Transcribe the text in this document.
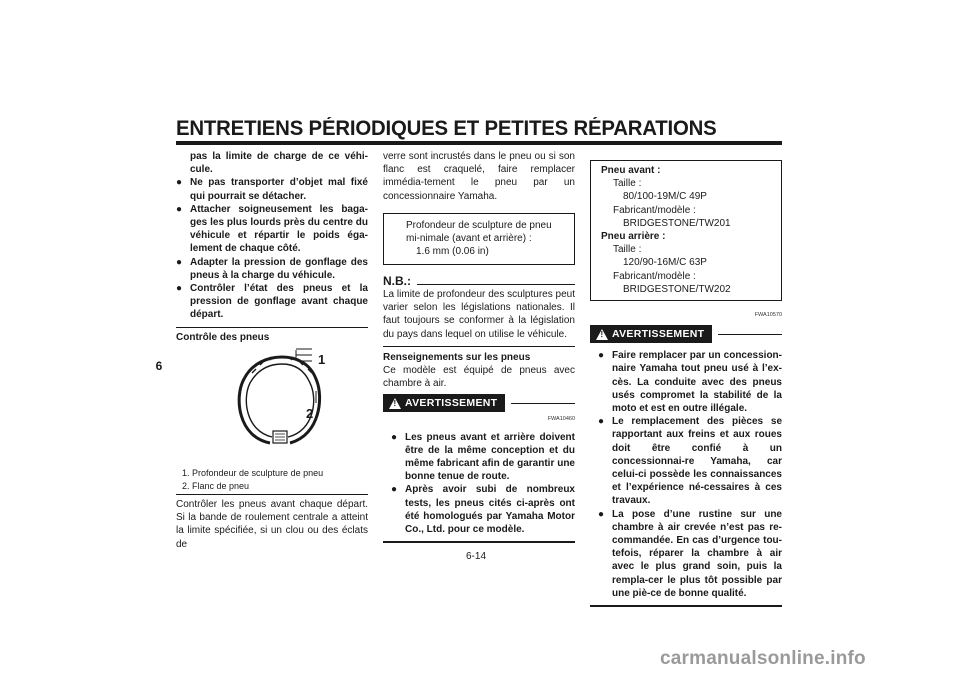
ENTRETIENS PÉRIODIQUES ET PETITES RÉPARATIONS
6

pas la limite de charge de ce véhi-cule.

● Ne pas transporter d’objet mal fixé qui pourrait se détacher.
● Attacher soigneusement les baga-ges les plus lourds près du centre du véhicule et répartir le poids éga-lement de chaque côté.
● Adapter la pression de gonflage des pneus à la charge du véhicule.
● Contrôler l’état des pneus et la pression de gonflage avant chaque départ.

Contrôle des pneus

1
2
1. Profondeur de sculpture de pneu
2. Flanc de pneu

Contrôler les pneus avant chaque départ. Si la bande de roulement centrale a atteint la limite spécifiée, si un clou ou des éclats de

verre sont incrustés dans le pneu ou si son flanc est craquelé, faire remplacer immédia-tement le pneu par un concessionnaire Yamaha.

Profondeur de sculpture de pneu mi-nimale (avant et arrière) :
1.6 mm (0.06 in)
N.B.:

La limite de profondeur des sculptures peut varier selon les législations nationales. Il faut toujours se conformer à la législation du pays dans lequel on utilise le véhicule.

Renseignements sur les pneus

Ce modèle est équipé de pneus avec chambre à air.

! AVERTISSEMENT
FWA10460
● Les pneus avant et arrière doivent être de la même conception et du même fabricant afin de garantir une bonne tenue de route.
● Après avoir subi de nombreux tests, les pneus cités ci-après ont été homologués par Yamaha Motor Co., Ltd. pour ce modèle.
Pneu avant :
Taille :
80/100-19M/C 49P
Fabricant/modèle :
BRIDGESTONE/TW201
Pneu arrière :
Taille :
120/90-16M/C 63P
Fabricant/modèle :
BRIDGESTONE/TW202
FWA10570
! AVERTISSEMENT
● Faire remplacer par un concession-naire Yamaha tout pneu usé à l’ex-cès. La conduite avec des pneus usés compromet la stabilité de la moto et est en outre illégale.
● Le remplacement des pièces se rapportant aux freins et aux roues doit être confié à un concessionnai-re Yamaha, car celui-ci possède les connaissances et l’expérience né-cessaires à ces travaux.
● La pose d’une rustine sur une chambre à air crevée n’est pas re-commandée. En cas d’urgence tou-tefois, réparer la chambre à air avec le plus grand soin, puis la rempla-cer le plus tôt possible par une piè-ce de bonne qualité.
6-14
carmanualsonline.info
